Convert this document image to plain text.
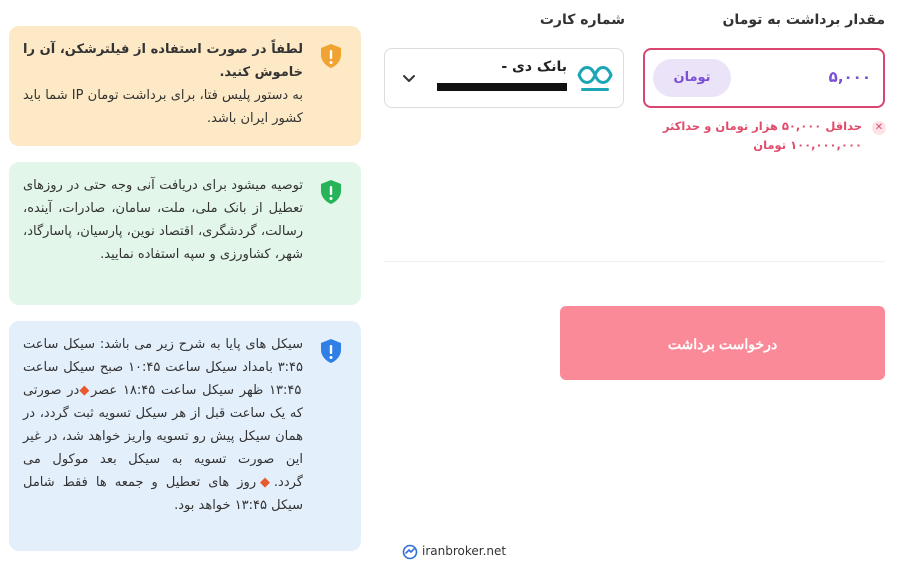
مقدار برداشت به تومان
۵,۰۰۰
تومان
✕
حداقل ۵۰,۰۰۰ هزار تومان و حداکثر ۱۰۰,۰۰۰,۰۰۰ تومان
شماره کارت
بانک دی -
درخواست برداشت
لطفاً در صورت استفاده از فیلترشکن، آن را خاموش کنید.
به دستور پلیس فتا، برای برداشت تومان IP شما باید کشور ایران باشد.
توصیه میشود برای دریافت آنی وجه حتی در روزهای تعطیل از بانک ملی، ملت، سامان، صادرات، آینده، رسالت، گردشگری، اقتصاد نوین، پارسیان، پاسارگاد، شهر، کشاورزی و سپه استفاده نمایید.
سیکل های پایا به شرح زیر می باشد: سیکل ساعت ۳:۴۵ بامداد سیکل ساعت ۱۰:۴۵ صبح سیکل ساعت ۱۳:۴۵ ظهر سیکل ساعت ۱۸:۴۵ عصر◆در صورتی که یک ساعت قبل از هر سیکل تسویه ثبت گردد، در همان سیکل پیش رو تسویه واریز خواهد شد، در غیر این صورت تسویه به سیکل بعد موکول می گردد.◆روز های تعطیل و جمعه ها فقط شامل سیکل ۱۳:۴۵ خواهد بود.
iranbroker.net
